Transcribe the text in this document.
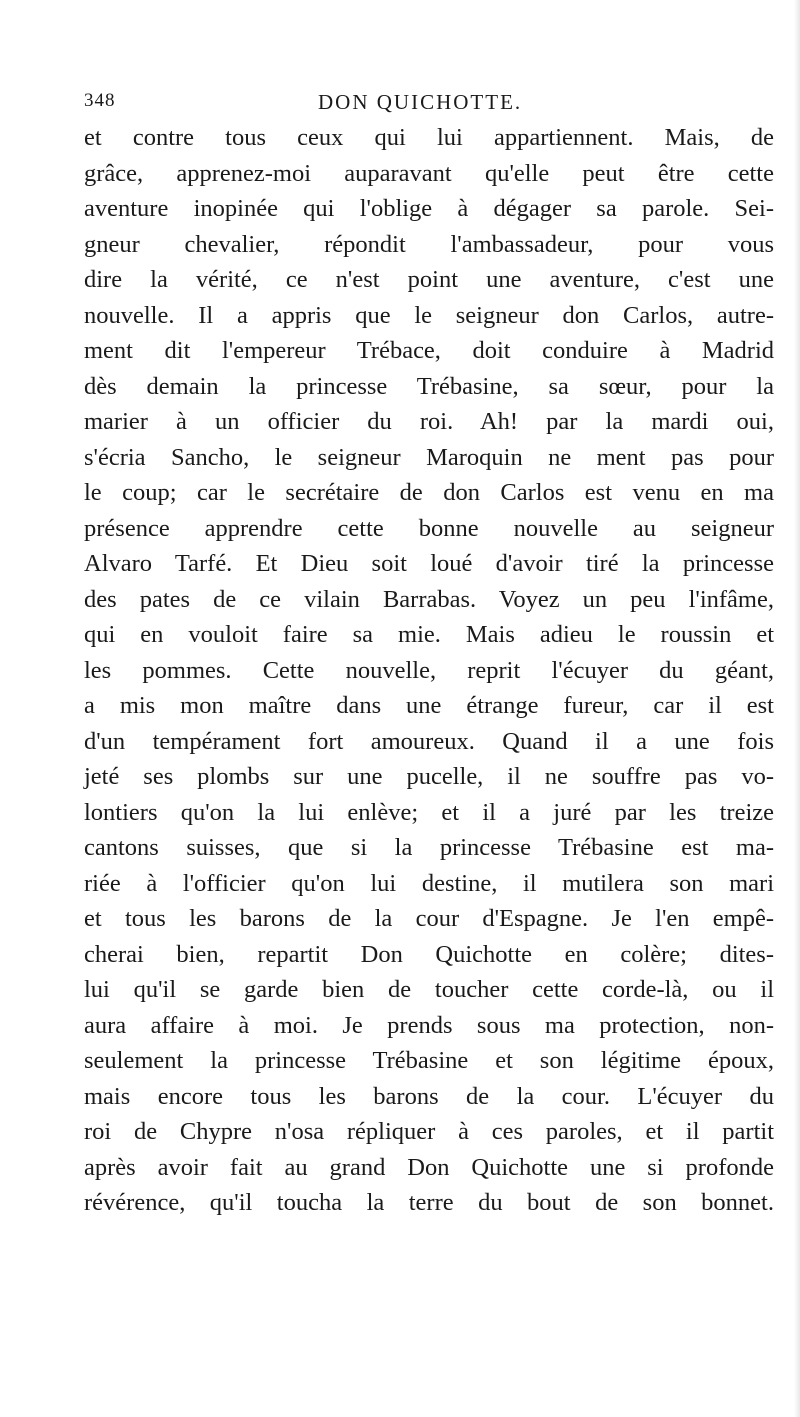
348	DON QUICHOTTE.
et contre tous ceux qui lui appartiennent. Mais, de
grâce, apprenez-moi auparavant qu'elle peut être cette
aventure inopinée qui l'oblige à dégager sa parole. Sei-
gneur chevalier, répondit l'ambassadeur, pour vous
dire la vérité, ce n'est point une aventure, c'est une
nouvelle. Il a appris que le seigneur don Carlos, autre-
ment dit l'empereur Trébace, doit conduire à Madrid
dès demain la princesse Trébasine, sa sœur, pour la
marier à un officier du roi. Ah! par la mardi oui,
s'écria Sancho, le seigneur Maroquin ne ment pas pour
le coup; car le secrétaire de don Carlos est venu en ma
présence apprendre cette bonne nouvelle au seigneur
Alvaro Tarfé. Et Dieu soit loué d'avoir tiré la princesse
des pates de ce vilain Barrabas. Voyez un peu l'infâme,
qui en vouloit faire sa mie. Mais adieu le roussin et
les pommes. Cette nouvelle, reprit l'écuyer du géant,
a mis mon maître dans une étrange fureur, car il est
d'un tempérament fort amoureux. Quand il a une fois
jeté ses plombs sur une pucelle, il ne souffre pas vo-
lontiers qu'on la lui enlève; et il a juré par les treize
cantons suisses, que si la princesse Trébasine est ma-
riée à l'officier qu'on lui destine, il mutilera son mari
et tous les barons de la cour d'Espagne. Je l'en empê-
cherai bien, repartit Don Quichotte en colère; dites-
lui qu'il se garde bien de toucher cette corde-là, ou il
aura affaire à moi. Je prends sous ma protection, non-
seulement la princesse Trébasine et son légitime époux,
mais encore tous les barons de la cour. L'écuyer du
roi de Chypre n'osa répliquer à ces paroles, et il partit
après avoir fait au grand Don Quichotte une si profonde
révérence, qu'il toucha la terre du bout de son bonnet.
